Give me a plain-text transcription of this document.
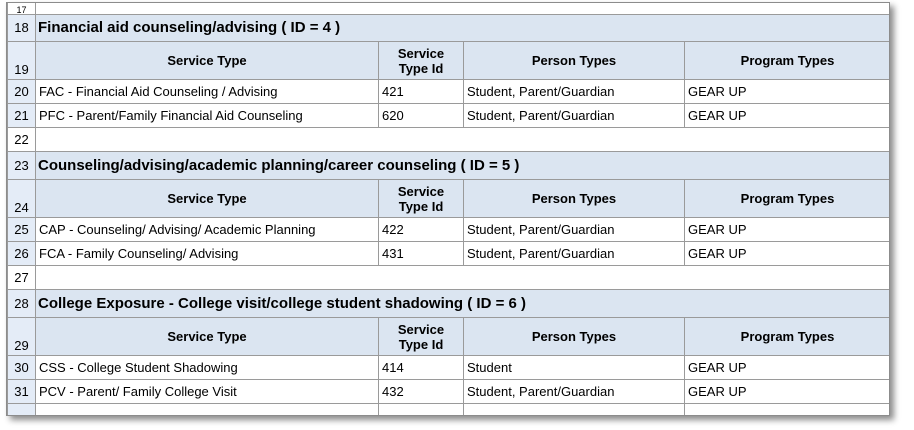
17				
18	Financial aid counseling/advising ( ID = 4 )			
19	Service Type	Service Type Id	Person Types	Program Types
20	FAC - Financial Aid Counseling / Advising	421	Student, Parent/Guardian	GEAR UP
21	PFC - Parent/Family Financial Aid Counseling	620	Student, Parent/Guardian	GEAR UP
22				
23	Counseling/advising/academic planning/career counseling ( ID = 5 )			
24	Service Type	Service Type Id	Person Types	Program Types
25	CAP - Counseling/ Advising/ Academic Planning	422	Student, Parent/Guardian	GEAR UP
26	FCA - Family Counseling/ Advising	431	Student, Parent/Guardian	GEAR UP
27				
28	College Exposure - College visit/college student shadowing ( ID = 6 )			
29	Service Type	Service Type Id	Person Types	Program Types
30	CSS - College Student Shadowing	414	Student	GEAR UP
31	PCV - Parent/ Family College Visit	432	Student, Parent/Guardian	GEAR UP
